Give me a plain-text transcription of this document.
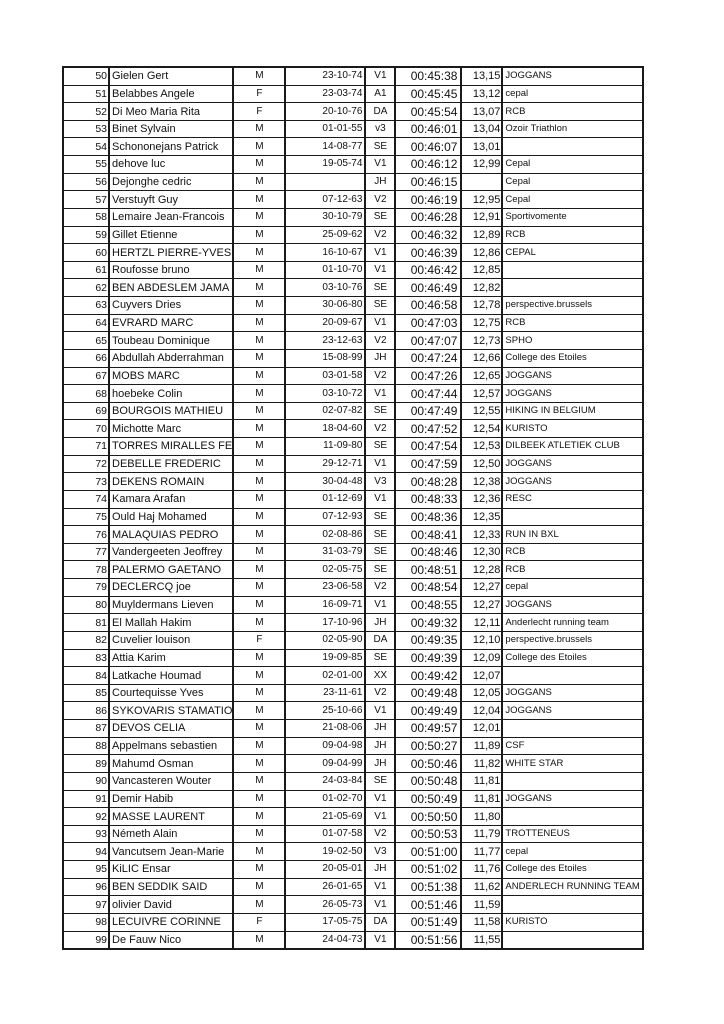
50	Gielen Gert	M	23-10-74	V1	00:45:38	13,15	JOGGANS
51	Belabbes Angele	F	23-03-74	A1	00:45:45	13,12	cepal
52	Di Meo Maria Rita	F	20-10-76	DA	00:45:54	13,07	RCB
53	Binet Sylvain	M	01-01-55	v3	00:46:01	13,04	Ozoir Triathlon
54	Schononejans Patrick	M	14-08-77	SE	00:46:07	13,01	
55	dehove luc	M	19-05-74	V1	00:46:12	12,99	Cepal
56	Dejonghe cedric	M		JH	00:46:15		Cepal
57	Verstuyft Guy	M	07-12-63	V2	00:46:19	12,95	Cepal
58	Lemaire Jean-Francois	M	30-10-79	SE	00:46:28	12,91	Sportivomente
59	Gillet Etienne	M	25-09-62	V2	00:46:32	12,89	RCB
60	HERTZL PIERRE-YVES	M	16-10-67	V1	00:46:39	12,86	CEPAL
61	Roufosse bruno	M	01-10-70	V1	00:46:42	12,85	
62	BEN ABDESLEM JAMA	M	03-10-76	SE	00:46:49	12,82	
63	Cuyvers Dries	M	30-06-80	SE	00:46:58	12,78	perspective.brussels
64	EVRARD MARC	M	20-09-67	V1	00:47:03	12,75	RCB
65	Toubeau Dominique	M	23-12-63	V2	00:47:07	12,73	SPHO
66	Abdullah Abderrahman	M	15-08-99	JH	00:47:24	12,66	College des Etoiles
67	MOBS MARC	M	03-01-58	V2	00:47:26	12,65	JOGGANS
68	hoebeke Colin	M	03-10-72	V1	00:47:44	12,57	JOGGANS
69	BOURGOIS MATHIEU	M	02-07-82	SE	00:47:49	12,55	HIKING IN BELGIUM
70	Michotte Marc	M	18-04-60	V2	00:47:52	12,54	KURISTO
71	TORRES MIRALLES FE	M	11-09-80	SE	00:47:54	12,53	DILBEEK ATLETIEK CLUB
72	DEBELLE FREDERIC	M	29-12-71	V1	00:47:59	12,50	JOGGANS
73	DEKENS ROMAIN	M	30-04-48	V3	00:48:28	12,38	JOGGANS
74	Kamara Arafan	M	01-12-69	V1	00:48:33	12,36	RESC
75	Ould Haj Mohamed	M	07-12-93	SE	00:48:36	12,35	
76	MALAQUIAS PEDRO	M	02-08-86	SE	00:48:41	12,33	RUN IN BXL
77	Vandergeeten Jeoffrey	M	31-03-79	SE	00:48:46	12,30	RCB
78	PALERMO GAETANO	M	02-05-75	SE	00:48:51	12,28	RCB
79	DECLERCQ joe	M	23-06-58	V2	00:48:54	12,27	cepal
80	Muyldermans Lieven	M	16-09-71	V1	00:48:55	12,27	JOGGANS
81	El Mallah Hakim	M	17-10-96	JH	00:49:32	12,11	Anderlecht running team
82	Cuvelier louison	F	02-05-90	DA	00:49:35	12,10	perspective.brussels
83	Attia Karim	M	19-09-85	SE	00:49:39	12,09	College des Etoiles
84	Latkache Houmad	M	02-01-00	XX	00:49:42	12,07	
85	Courtequisse Yves	M	23-11-61	V2	00:49:48	12,05	JOGGANS
86	SYKOVARIS STAMATIO	M	25-10-66	V1	00:49:49	12,04	JOGGANS
87	DEVOS CELIA	M	21-08-06	JH	00:49:57	12,01	
88	Appelmans sebastien	M	09-04-98	JH	00:50:27	11,89	CSF
89	Mahumd Osman	M	09-04-99	JH	00:50:46	11,82	WHITE STAR
90	Vancasteren Wouter	M	24-03-84	SE	00:50:48	11,81	
91	Demir Habib	M	01-02-70	V1	00:50:49	11,81	JOGGANS
92	MASSE LAURENT	M	21-05-69	V1	00:50:50	11,80	
93	Németh Alain	M	01-07-58	V2	00:50:53	11,79	TROTTENEUS
94	Vancutsem Jean-Marie	M	19-02-50	V3	00:51:00	11,77	cepal
95	KiLIC Ensar	M	20-05-01	JH	00:51:02	11,76	College des Etoiles
96	BEN SEDDIK SAID	M	26-01-65	V1	00:51:38	11,62	ANDERLECH RUNNING TEAM
97	olivier David	M	26-05-73	V1	00:51:46	11,59	
98	LECUIVRE CORINNE	F	17-05-75	DA	00:51:49	11,58	KURISTO
99	De Fauw Nico	M	24-04-73	V1	00:51:56	11,55	
